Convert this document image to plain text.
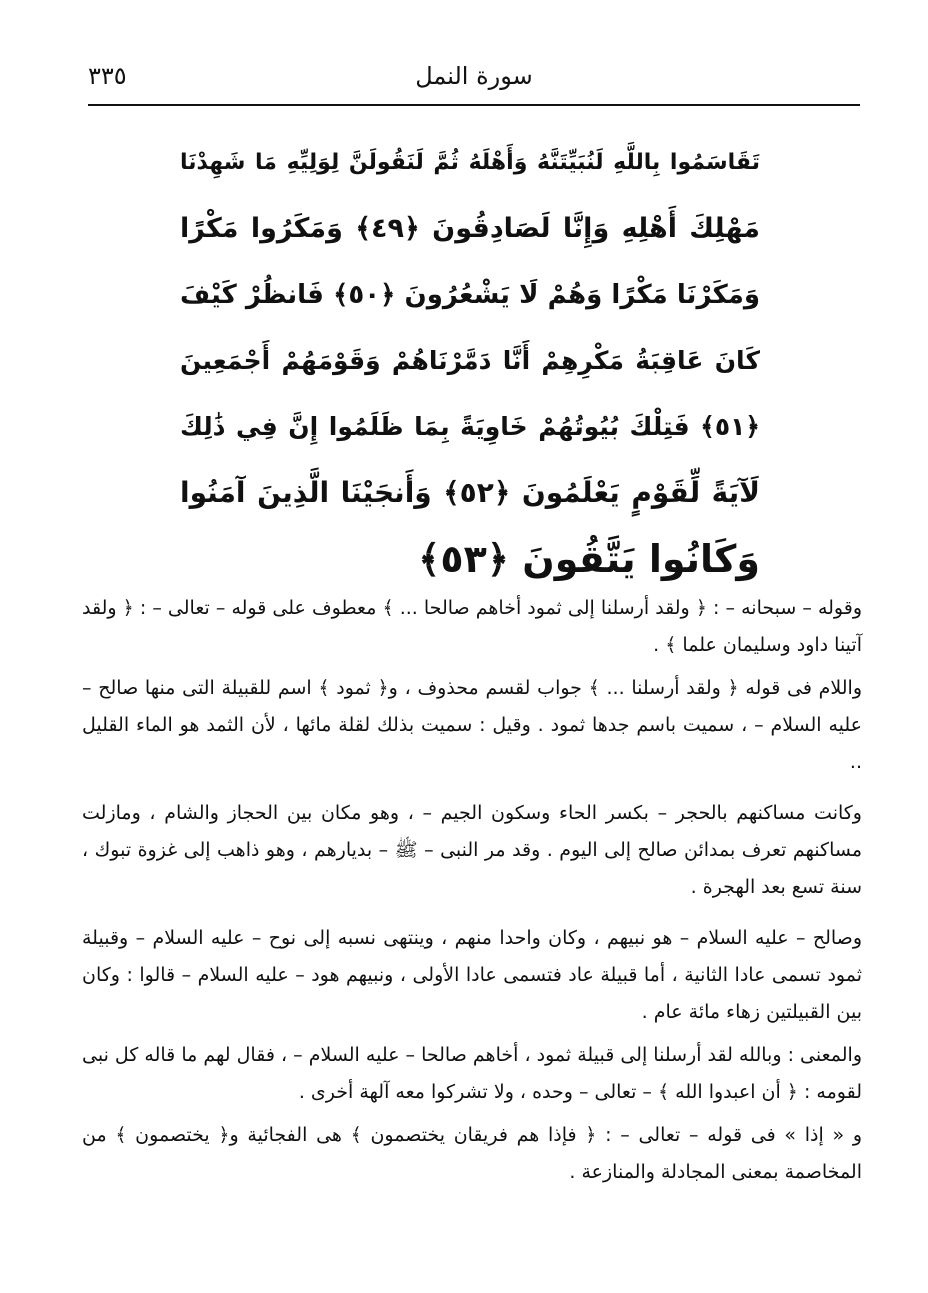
٣٣٥	سورة النمل
تَقَاسَمُوا بِاللَّهِ لَنُبَيِّتَنَّهُ وَأَهْلَهُ ثُمَّ لَنَقُولَنَّ لِوَلِيِّهِ مَا شَهِدْنَا
مَهْلِكَ أَهْلِهِ وَإِنَّا لَصَادِقُونَ ﴿٤٩﴾ وَمَكَرُوا مَكْرًا
وَمَكَرْنَا مَكْرًا وَهُمْ لَا يَشْعُرُونَ ﴿٥٠﴾ فَانظُرْ كَيْفَ
كَانَ عَاقِبَةُ مَكْرِهِمْ أَنَّا دَمَّرْنَاهُمْ وَقَوْمَهُمْ أَجْمَعِينَ
﴿٥١﴾ فَتِلْكَ بُيُوتُهُمْ خَاوِيَةً بِمَا ظَلَمُوا إِنَّ فِي ذَٰلِكَ
لَآيَةً لِّقَوْمٍ يَعْلَمُونَ ﴿٥٢﴾ وَأَنجَيْنَا الَّذِينَ آمَنُوا
وَكَانُوا يَتَّقُونَ ﴿٥٣﴾

وقوله – سبحانه – : ﴿ ولقد أرسلنا إلى ثمود أخاهم صالحا ... ﴾ معطوف على قوله – تعالى – : ﴿ ولقد آتينا داود وسليمان علما ﴾ .

واللام فى قوله ﴿ ولقد أرسلنا ... ﴾ جواب لقسم محذوف ، و﴿ ثمود ﴾ اسم للقبيلة التى منها صالح – عليه السلام – ، سميت باسم جدها ثمود . وقيل : سميت بذلك لقلة مائها ، لأن الثمد هو الماء القليل ..

وكانت مساكنهم بالحجر – بكسر الحاء وسكون الجيم – ، وهو مكان بين الحجاز والشام ، ومازلت مساكنهم تعرف بمدائن صالح إلى اليوم . وقد مر النبى – ﷺ – بديارهم ، وهو ذاهب إلى غزوة تبوك ، سنة تسع بعد الهجرة .

وصالح – عليه السلام – هو نبيهم ، وكان واحدا منهم ، وينتهى نسبه إلى نوح – عليه السلام – وقبيلة ثمود تسمى عادا الثانية ، أما قبيلة عاد فتسمى عادا الأولى ، ونبيهم هود – عليه السلام – قالوا : وكان بين القبيلتين زهاء مائة عام .

والمعنى : وبالله لقد أرسلنا إلى قبيلة ثمود ، أخاهم صالحا – عليه السلام – ، فقال لهم ما قاله كل نبى لقومه : ﴿ أن اعبدوا الله ﴾ – تعالى – وحده ، ولا تشركوا معه آلهة أخرى .

و « إذا » فى قوله – تعالى – : ﴿ فإذا هم فريقان يختصمون ﴾ هى الفجائية و﴿ يختصمون ﴾ من المخاصمة بمعنى المجادلة والمنازعة .
